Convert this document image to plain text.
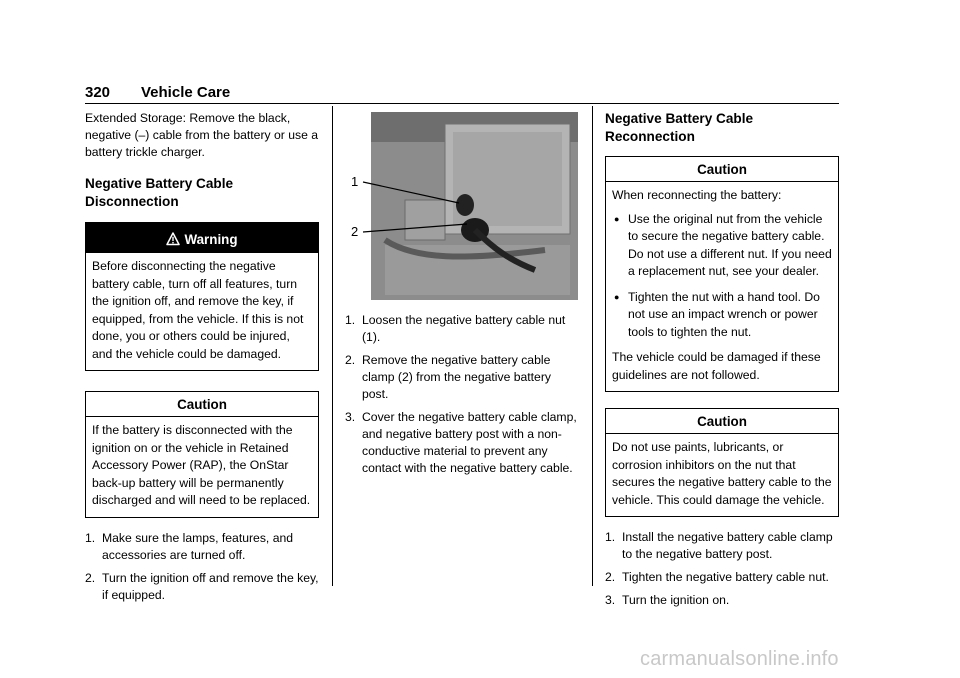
320 Vehicle Care

Extended Storage: Remove the black, negative (–) cable from the battery or use a battery trickle charger.

Negative Battery Cable Disconnection
Warning
Before disconnecting the negative battery cable, turn off all features, turn the ignition off, and remove the key, if equipped, from the vehicle. If this is not done, you or others could be injured, and the vehicle could be damaged.
Caution
If the battery is disconnected with the ignition on or the vehicle in Retained Accessory Power (RAP), the OnStar back-up battery will be permanently discharged and will need to be replaced.
1. Make sure the lamps, features, and accessories are turned off.
2. Turn the ignition off and remove the key, if equipped.
1
2
1. Loosen the negative battery cable nut (1).
2. Remove the negative battery cable clamp (2) from the negative battery post.
3. Cover the negative battery cable clamp, and negative battery post with a non-conductive material to prevent any contact with the negative battery cable.
Negative Battery Cable Reconnection
Caution

When reconnecting the battery:

● Use the original nut from the vehicle to secure the negative battery cable. Do not use a different nut. If you need a replacement nut, see your dealer.
● Tighten the nut with a hand tool. Do not use an impact wrench or power tools to tighten the nut.

The vehicle could be damaged if these guidelines are not followed.

Caution
Do not use paints, lubricants, or corrosion inhibitors on the nut that secures the negative battery cable to the vehicle. This could damage the vehicle.
1. Install the negative battery cable clamp to the negative battery post.
2. Tighten the negative battery cable nut.
3. Turn the ignition on.
carmanualsonline.info
